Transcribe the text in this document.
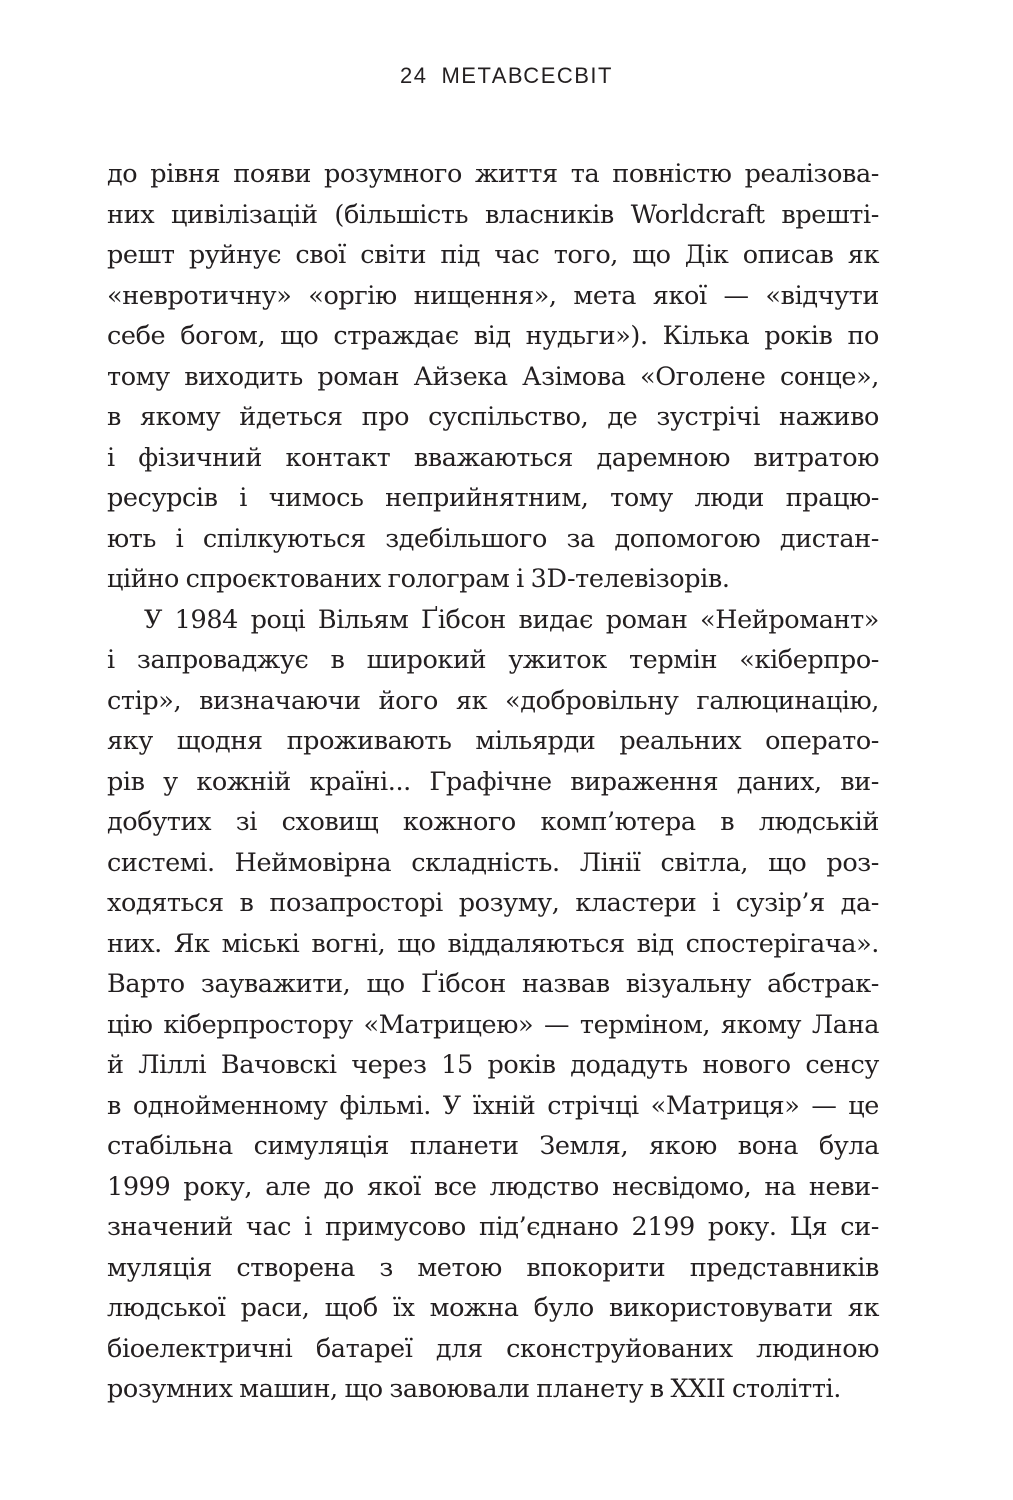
24 МЕТАВСЕСВІТ
до рівня появи розумного життя та повністю реалізова-
них цивілізацій (більшість власників Worldcraft врешті-
решт руйнує свої світи під час того, що Дік описав як
«невротичну» «оргію нищення», мета якої — «відчути
себе богом, що страждає від нудьги»). Кілька років по
тому виходить роман Айзека Азімова «Оголене сонце»,
в якому йдеться про суспільство, де зустрічі наживо
і фізичний контакт вважаються даремною витратою
ресурсів і чимось неприйнятним, тому люди працю-
ють і спілкуються здебільшого за допомогою дистан-
ційно спроєктованих голограм і 3D-телевізорів.
У 1984 році Вільям Ґібсон видає роман «Нейромант»
і запроваджує в широкий ужиток термін «кіберпро-
стір», визначаючи його як «добровільну галюцинацію,
яку щодня проживають мільярди реальних операто-
рів у кожній країні... Графічне вираження даних, ви-
добутих зі сховищ кожного комп’ютера в людській
системі. Неймовірна складність. Лінії світла, що роз-
ходяться в позапросторі розуму, кластери і сузір’я да-
них. Як міські вогні, що віддаляються від спостерігача».
Варто зауважити, що Ґібсон назвав візуальну абстрак-
цію кіберпростору «Матрицею» — терміном, якому Лана
й Ліллі Вачовскі через 15 років додадуть нового сенсу
в однойменному фільмі. У їхній стрічці «Матриця» — це
стабільна симуляція планети Земля, якою вона була
1999 року, але до якої все людство несвідомо, на неви-
значений час і примусово під’єднано 2199 року. Ця си-
муляція створена з метою впокорити представників
людської раси, щоб їх можна було використовувати як
біоелектричні батареї для сконструйованих людиною
розумних машин, що завоювали планету в XXII столітті.
